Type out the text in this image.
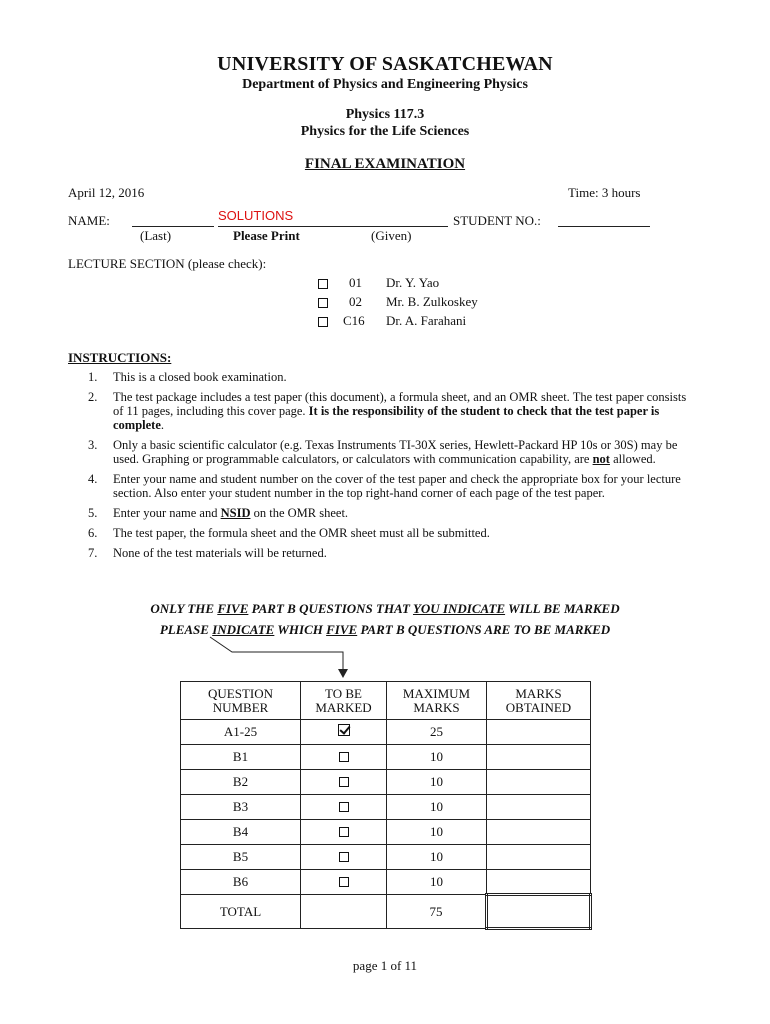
UNIVERSITY OF SASKATCHEWAN
Department of Physics and Engineering Physics
Physics 117.3
Physics for the Life Sciences
FINAL EXAMINATION
April 12, 2016	Time: 3 hours
NAME:	SOLUTIONS	STUDENT NO.:
(Last)	Please Print	(Given)
LECTURE SECTION (please check):
01 Dr. Y. Yao
02 Mr. B. Zulkoskey
C16 Dr. A. Farahani
INSTRUCTIONS:
1. This is a closed book examination.
2. The test package includes a test paper (this document), a formula sheet, and an OMR sheet. The test paper consists of 11 pages, including this cover page. It is the responsibility of the student to check that the test paper is complete.
3. Only a basic scientific calculator (e.g. Texas Instruments TI-30X series, Hewlett-Packard HP 10s or 30S) may be used. Graphing or programmable calculators, or calculators with communication capability, are not allowed.
4. Enter your name and student number on the cover of the test paper and check the appropriate box for your lecture section. Also enter your student number in the top right-hand corner of each page of the test paper.
5. Enter your name and NSID on the OMR sheet.
6. The test paper, the formula sheet and the OMR sheet must all be submitted.
7. None of the test materials will be returned.
ONLY THE FIVE PART B QUESTIONS THAT YOU INDICATE WILL BE MARKED
PLEASE INDICATE WHICH FIVE PART B QUESTIONS ARE TO BE MARKED
QUESTION NUMBER	TO BE MARKED	MAXIMUM MARKS	MARKS OBTAINED

A1-25		25	
B1		10	
B2		10	
B3		10	
B4		10	
B5		10	
B6		10	
TOTAL		75	
page 1 of 11
